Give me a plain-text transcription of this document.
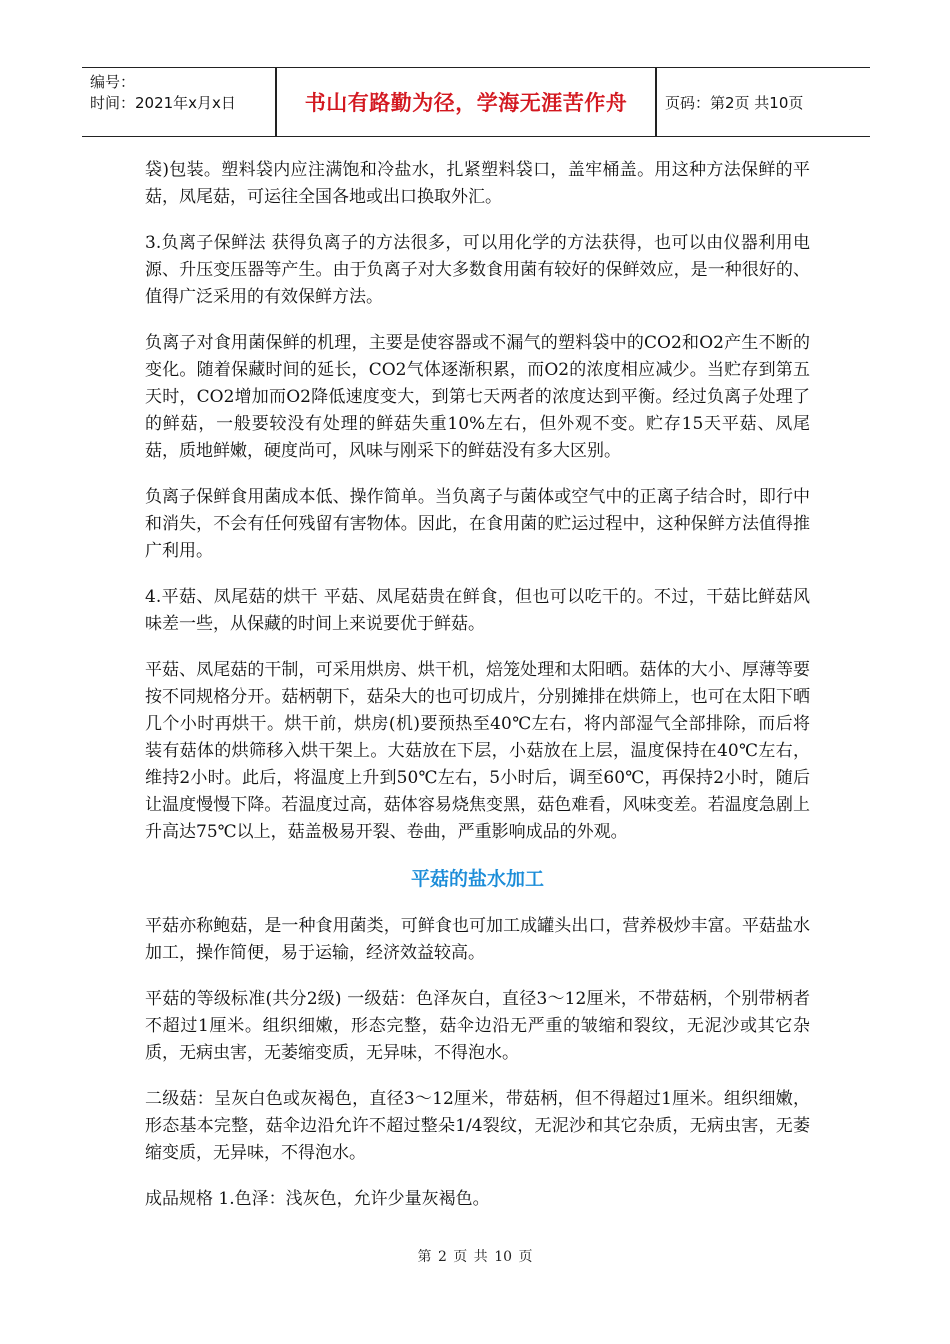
编号：
时间：2021年x月x日	书山有路勤为径，学海无涯苦作舟	页码：第2页 共10页

袋)包装。塑料袋内应注满饱和冷盐水，扎紧塑料袋口，盖牢桶盖。用这种方法保鲜的平菇，凤尾菇，可运往全国各地或出口换取外汇。

3.负离子保鲜法 获得负离子的方法很多，可以用化学的方法获得，也可以由仪器利用电源、升压变压器等产生。由于负离子对大多数食用菌有较好的保鲜效应，是一种很好的、值得广泛采用的有效保鲜方法。

负离子对食用菌保鲜的机理，主要是使容器或不漏气的塑料袋中的CO2和O2产生不断的变化。随着保藏时间的延长，CO2气体逐渐积累，而O2的浓度相应减少。当贮存到第五天时，CO2增加而O2降低速度变大，到第七天两者的浓度达到平衡。经过负离子处理了的鲜菇，一般要较没有处理的鲜菇失重10%左右，但外观不变。贮存15天平菇、凤尾菇，质地鲜嫩，硬度尚可，风味与刚采下的鲜菇没有多大区别。

负离子保鲜食用菌成本低、操作简单。当负离子与菌体或空气中的正离子结合时，即行中和消失，不会有任何残留有害物体。因此，在食用菌的贮运过程中，这种保鲜方法值得推广利用。

4.平菇、凤尾菇的烘干 平菇、凤尾菇贵在鲜食，但也可以吃干的。不过，干菇比鲜菇风味差一些，从保藏的时间上来说要优于鲜菇。

平菇、凤尾菇的干制，可采用烘房、烘干机，焙笼处理和太阳晒。菇体的大小、厚薄等要按不同规格分开。菇柄朝下，菇朵大的也可切成片，分别摊排在烘筛上，也可在太阳下晒几个小时再烘干。烘干前，烘房(机)要预热至40℃左右，将内部湿气全部排除，而后将装有菇体的烘筛移入烘干架上。大菇放在下层，小菇放在上层，温度保持在40℃左右，维持2小时。此后，将温度上升到50℃左右，5小时后，调至60℃，再保持2小时，随后让温度慢慢下降。若温度过高，菇体容易烧焦变黑，菇色难看，风味变差。若温度急剧上升高达75℃以上，菇盖极易开裂、卷曲，严重影响成品的外观。

平菇的盐水加工

平菇亦称鲍菇，是一种食用菌类，可鲜食也可加工成罐头出口，营养极炒丰富。平菇盐水加工，操作简便，易于运输，经济效益较高。

平菇的等级标准(共分2级) 一级菇：色泽灰白，直径3～12厘米，不带菇柄，个别带柄者不超过1厘米。组织细嫩，形态完整，菇伞边沿无严重的皱缩和裂纹，无泥沙或其它杂质，无病虫害，无萎缩变质，无异味，不得泡水。

二级菇：呈灰白色或灰褐色，直径3～12厘米，带菇柄，但不得超过1厘米。组织细嫩，形态基本完整，菇伞边沿允许不超过整朵1/4裂纹，无泥沙和其它杂质，无病虫害，无萎缩变质，无异味，不得泡水。

成品规格 1.色泽：浅灰色，允许少量灰褐色。

第 2 页 共 10 页
